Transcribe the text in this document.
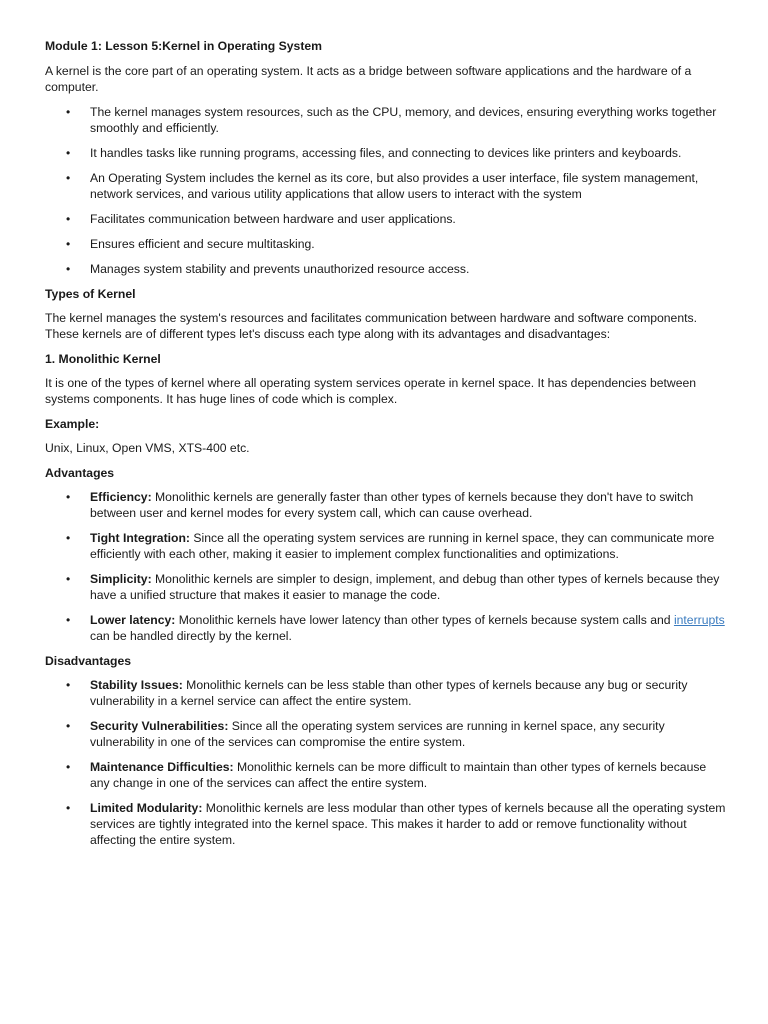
Module 1: Lesson 5:Kernel in Operating System

A kernel is the core part of an operating system. It acts as a bridge between software applications and the hardware of a computer.

• The kernel manages system resources, such as the CPU, memory, and devices, ensuring everything works together smoothly and efficiently.
• It handles tasks like running programs, accessing files, and connecting to devices like printers and keyboards.
• An Operating System includes the kernel as its core, but also provides a user interface, file system management, network services, and various utility applications that allow users to interact with the system
• Facilitates communication between hardware and user applications.
• Ensures efficient and secure multitasking.
• Manages system stability and prevents unauthorized resource access.

Types of Kernel

The kernel manages the system's resources and facilitates communication between hardware and software components. These kernels are of different types let's discuss each type along with its advantages and disadvantages:

1. Monolithic Kernel

It is one of the types of kernel where all operating system services operate in kernel space. It has dependencies between systems components. It has huge lines of code which is complex.

Example:

Unix, Linux, Open VMS, XTS-400 etc.

Advantages

• Efficiency: Monolithic kernels are generally faster than other types of kernels because they don't have to switch between user and kernel modes for every system call, which can cause overhead.
• Tight Integration: Since all the operating system services are running in kernel space, they can communicate more efficiently with each other, making it easier to implement complex functionalities and optimizations.
• Simplicity: Monolithic kernels are simpler to design, implement, and debug than other types of kernels because they have a unified structure that makes it easier to manage the code.
• Lower latency: Monolithic kernels have lower latency than other types of kernels because system calls and interrupts can be handled directly by the kernel.

Disadvantages

• Stability Issues: Monolithic kernels can be less stable than other types of kernels because any bug or security vulnerability in a kernel service can affect the entire system.
• Security Vulnerabilities: Since all the operating system services are running in kernel space, any security vulnerability in one of the services can compromise the entire system.
• Maintenance Difficulties: Monolithic kernels can be more difficult to maintain than other types of kernels because any change in one of the services can affect the entire system.
• Limited Modularity: Monolithic kernels are less modular than other types of kernels because all the operating system services are tightly integrated into the kernel space. This makes it harder to add or remove functionality without affecting the entire system.
